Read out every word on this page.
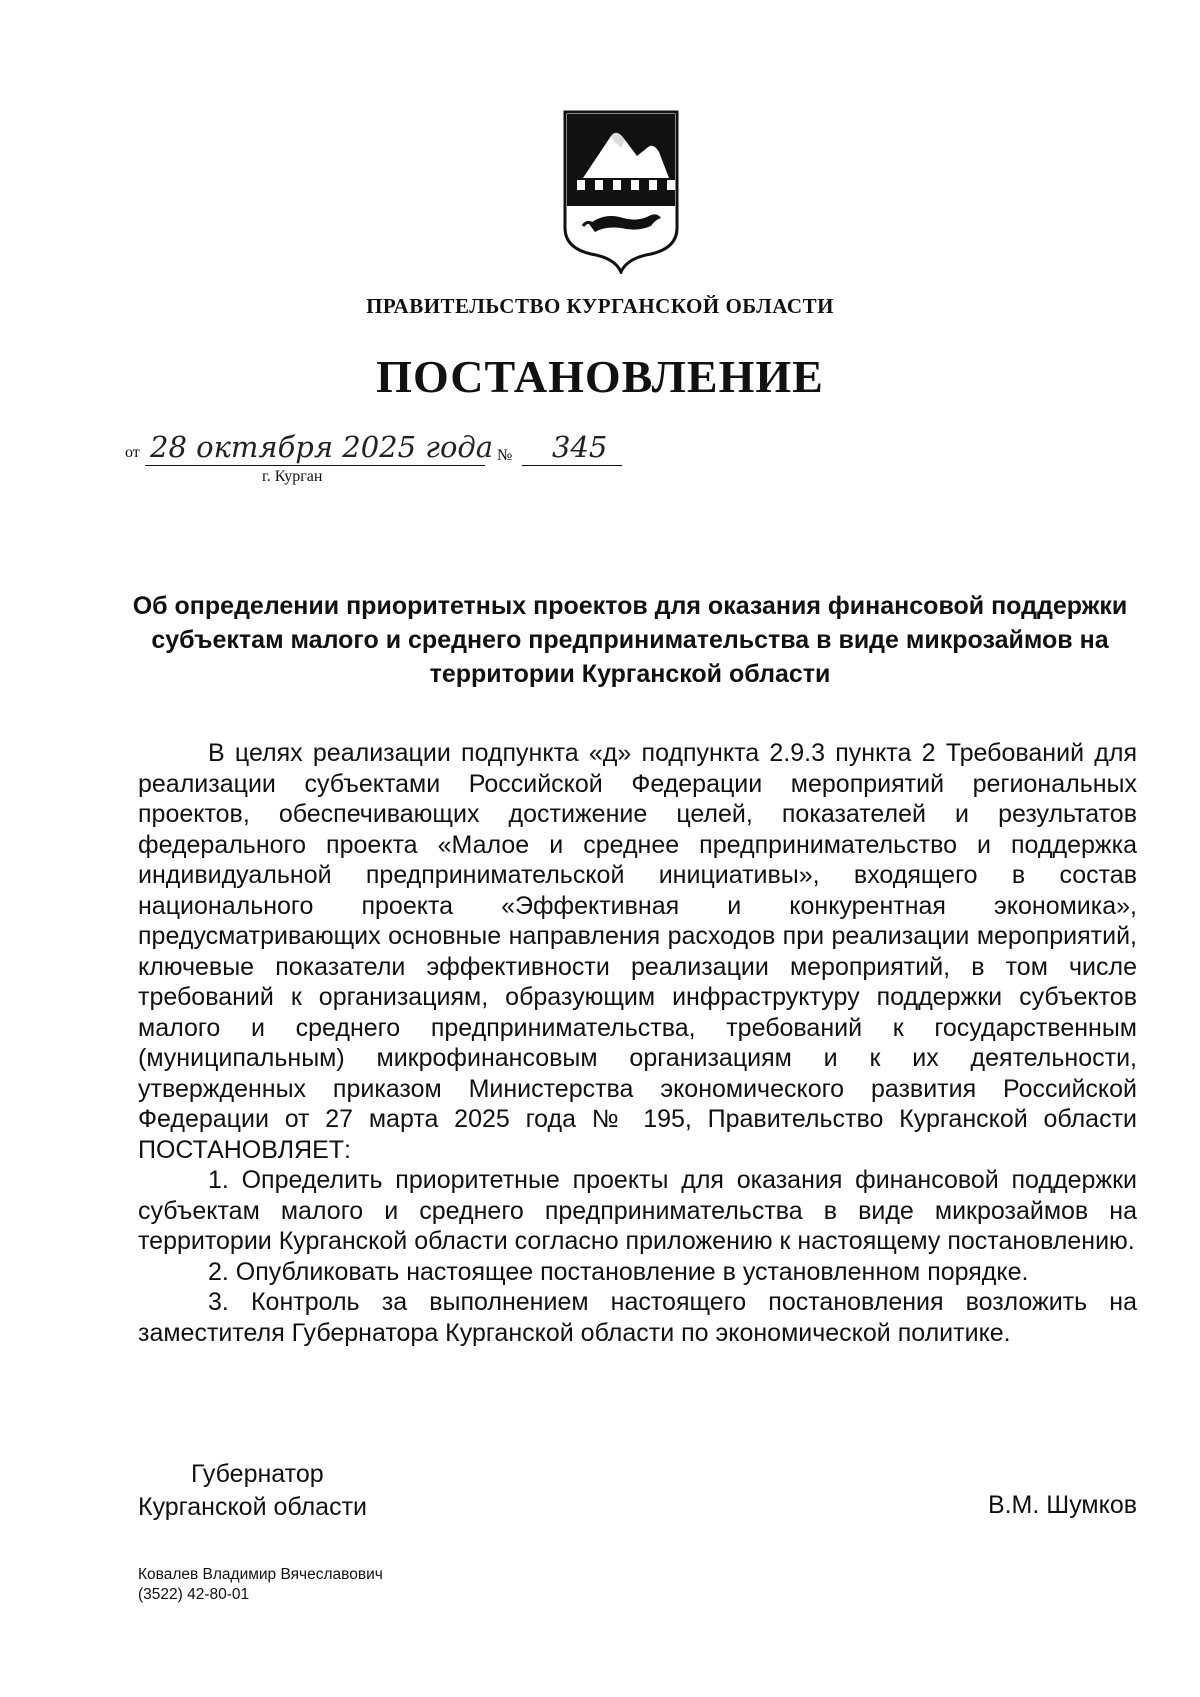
ПРАВИТЕЛЬСТВО КУРГАНСКОЙ ОБЛАСТИ
ПОСТАНОВЛЕНИЕ
от 28 октября 2025 года № 345
г. Курган
Об определении приоритетных проектов для оказания финансовой поддержки субъектам малого и среднего предпринимательства в виде микрозаймов на территории Курганской области

В целях реализации подпункта «д» подпункта 2.9.3 пункта 2 Требований для реализации субъектами Российской Федерации мероприятий региональных проектов, обеспечивающих достижение целей, показателей и результатов федерального проекта «Малое и среднее предпринимательство и поддержка индивидуальной предпринимательской инициативы», входящего в состав национального проекта «Эффективная и конкурентная экономика», предусматривающих основные направления расходов при реализации мероприятий, ключевые показатели эффективности реализации мероприятий, в том числе требований к организациям, образующим инфраструктуру поддержки субъектов малого и среднего предпринимательства, требований к государственным (муниципальным) микрофинансовым организациям и к их деятельности, утвержденных приказом Министерства экономического развития Российской Федерации от 27 марта 2025 года № 195, Правительство Курганской области ПОСТАНОВЛЯЕТ:

1. Определить приоритетные проекты для оказания финансовой поддержки субъектам малого и среднего предпринимательства в виде микрозаймов на территории Курганской области согласно приложению к настоящему постановлению.

2. Опубликовать настоящее постановление в установленном порядке.

3. Контроль за выполнением настоящего постановления возложить на заместителя Губернатора Курганской области по экономической политике.

Губернатор
Курганской области	В.М. Шумков
Ковалев Владимир Вячеславович
(3522) 42-80-01
